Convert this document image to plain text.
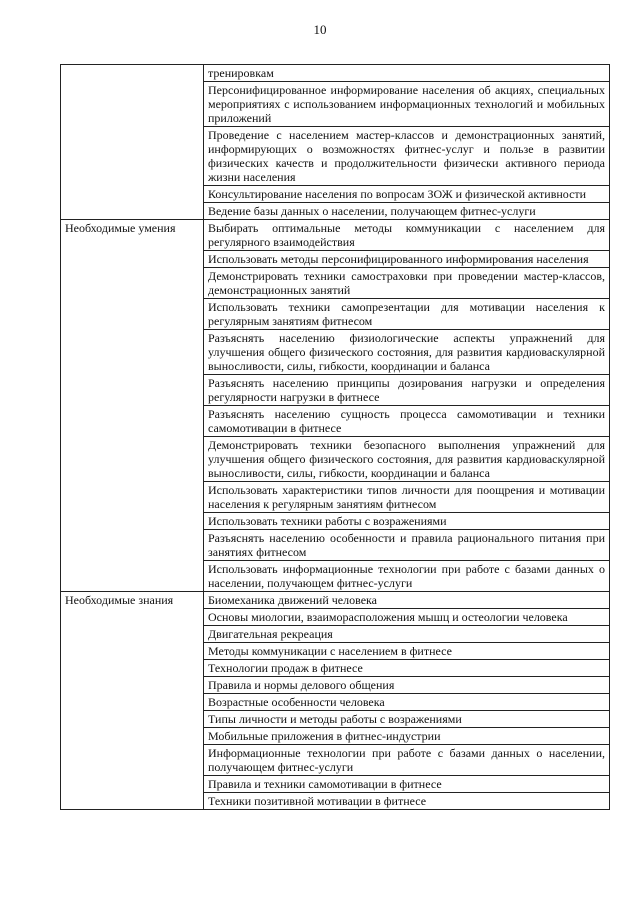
10
	тренировкам
	Персонифицированное информирование населения об акциях, специальных мероприятиях с использованием информационных технологий и мобильных приложений
	Проведение с населением мастер-классов и демонстрационных занятий, информирующих о возможностях фитнес-услуг и пользе в развитии физических качеств и продолжительности физически активного периода жизни населения
	Консультирование населения по вопросам ЗОЖ и физической активности
	Ведение базы данных о населении, получающем фитнес-услуги
Необходимые умения	Выбирать оптимальные методы коммуникации с населением для регулярного взаимодействия
	Использовать методы персонифицированного информирования населения
	Демонстрировать техники самостраховки при проведении мастер-классов, демонстрационных занятий
	Использовать техники самопрезентации для мотивации населения к регулярным занятиям фитнесом
	Разъяснять населению физиологические аспекты упражнений для улучшения общего физического состояния, для развития кардиоваскулярной выносливости, силы, гибкости, координации и баланса
	Разъяснять населению принципы дозирования нагрузки и определения регулярности нагрузки в фитнесе
	Разъяснять населению сущность процесса самомотивации и техники самомотивации в фитнесе
	Демонстрировать техники безопасного выполнения упражнений для улучшения общего физического состояния, для развития кардиоваскулярной выносливости, силы, гибкости, координации и баланса
	Использовать характеристики типов личности для поощрения и мотивации населения к регулярным занятиям фитнесом
	Использовать техники работы с возражениями
	Разъяснять населению особенности и правила рационального питания при занятиях фитнесом
	Использовать информационные технологии при работе с базами данных о населении, получающем фитнес-услуги
Необходимые знания	Биомеханика движений человека
	Основы миологии, взаиморасположения мышц и остеологии человека
	Двигательная рекреация
	Методы коммуникации с населением в фитнесе
	Технологии продаж в фитнесе
	Правила и нормы делового общения
	Возрастные особенности человека
	Типы личности и методы работы с возражениями
	Мобильные приложения в фитнес-индустрии
	Информационные технологии при работе с базами данных о населении, получающем фитнес-услуги
	Правила и техники самомотивации в фитнесе
	Техники позитивной мотивации в фитнесе
